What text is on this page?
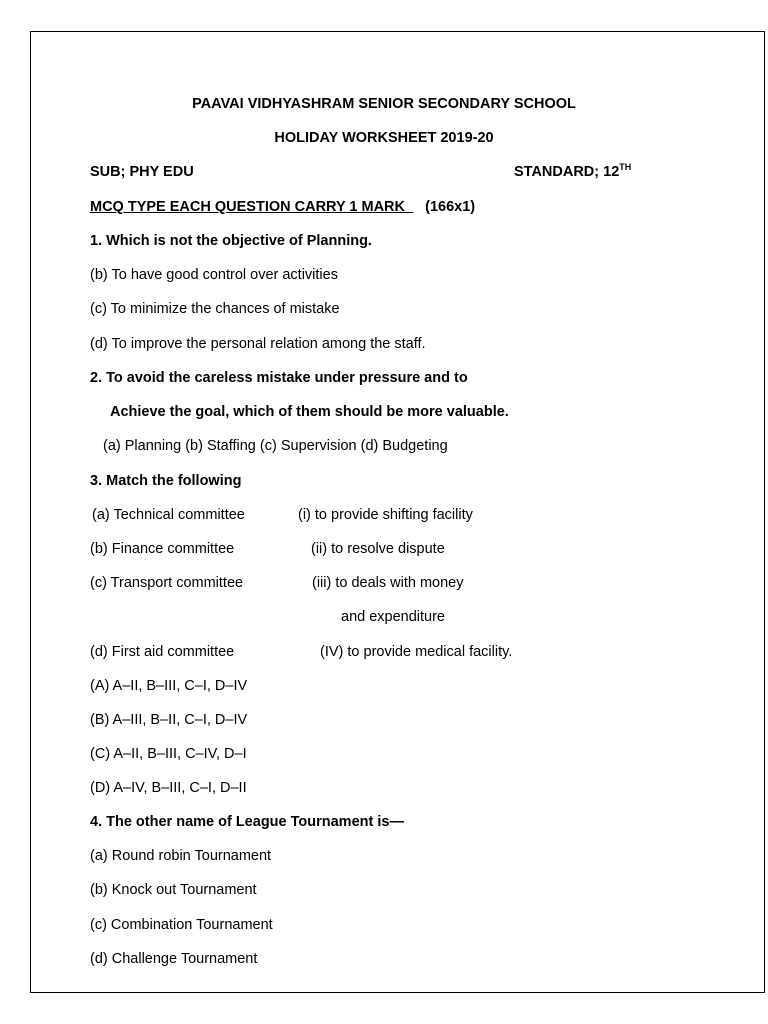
PAAVAI VIDHYASHRAM SENIOR SECONDARY SCHOOL
HOLIDAY WORKSHEET 2019-20
SUB; PHY EDU	STANDARD; 12TH
MCQ TYPE EACH QUESTION CARRY 1 MARK (166x1)
1. Which is not the objective of Planning.
(b) To have good control over activities
(c) To minimize the chances of mistake
(d) To improve the personal relation among the staff.
2. To avoid the careless mistake under pressure and to
Achieve the goal, which of them should be more valuable.
(a) Planning (b) Staffing (c) Supervision (d) Budgeting
3. Match the following
(a) Technical committee	(i) to provide shifting facility
(b) Finance committee	(ii) to resolve dispute
(c) Transport committee	(iii) to deals with money
and expenditure
(d) First aid committee	(IV) to provide medical facility.
(A) A–II, B–III, C–I, D–IV
(B) A–III, B–II, C–I, D–IV
(C) A–II, B–III, C–IV, D–I
(D) A–IV, B–III, C–I, D–II
4. The other name of League Tournament is—
(a) Round robin Tournament
(b) Knock out Tournament
(c) Combination Tournament
(d) Challenge Tournament
